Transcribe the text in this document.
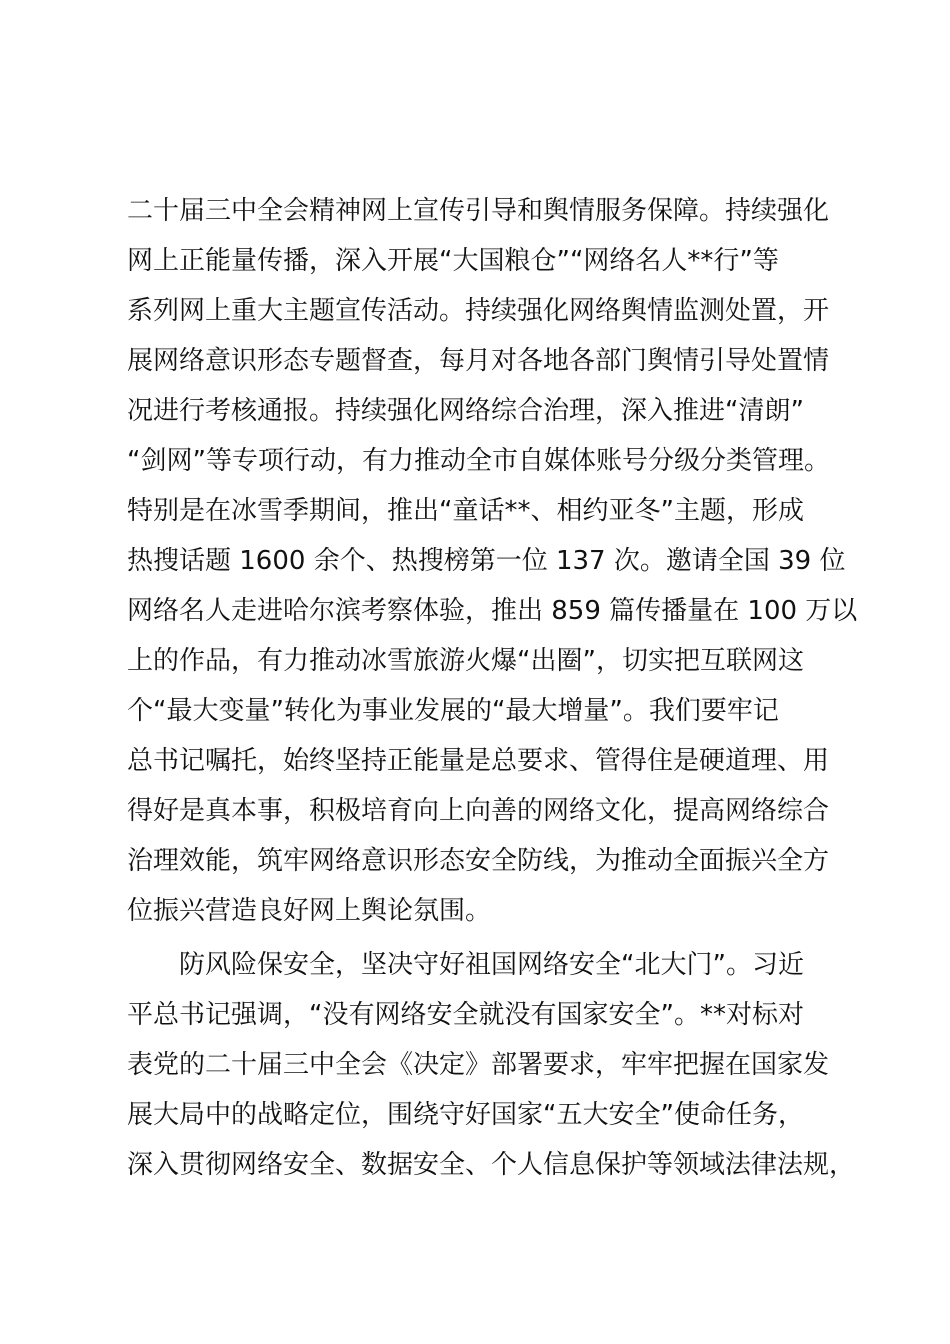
二十届三中全会精神网上宣传引导和舆情服务保障。持续强化
网上正能量传播，深入开展“大国粮仓”“网络名人**行”等
系列网上重大主题宣传活动。持续强化网络舆情监测处置，开
展网络意识形态专题督查，每月对各地各部门舆情引导处置情
况进行考核通报。持续强化网络综合治理，深入推进“清朗”
“剑网”等专项行动，有力推动全市自媒体账号分级分类管理。
特别是在冰雪季期间，推出“童话**、相约亚冬”主题，形成
热搜话题 1600 余个、热搜榜第一位 137 次。邀请全国 39 位
网络名人走进哈尔滨考察体验，推出 859 篇传播量在 100 万以
上的作品，有力推动冰雪旅游火爆“出圈”，切实把互联网这
个“最大变量”转化为事业发展的“最大增量”。我们要牢记
总书记嘱托，始终坚持正能量是总要求、管得住是硬道理、用
得好是真本事，积极培育向上向善的网络文化，提高网络综合
治理效能，筑牢网络意识形态安全防线，为推动全面振兴全方
位振兴营造良好网上舆论氛围。
　　防风险保安全，坚决守好祖国网络安全“北大门”。习近
平总书记强调，“没有网络安全就没有国家安全”。**对标对
表党的二十届三中全会《决定》部署要求，牢牢把握在国家发
展大局中的战略定位，围绕守好国家“五大安全”使命任务，
深入贯彻网络安全、数据安全、个人信息保护等领域法律法规，
